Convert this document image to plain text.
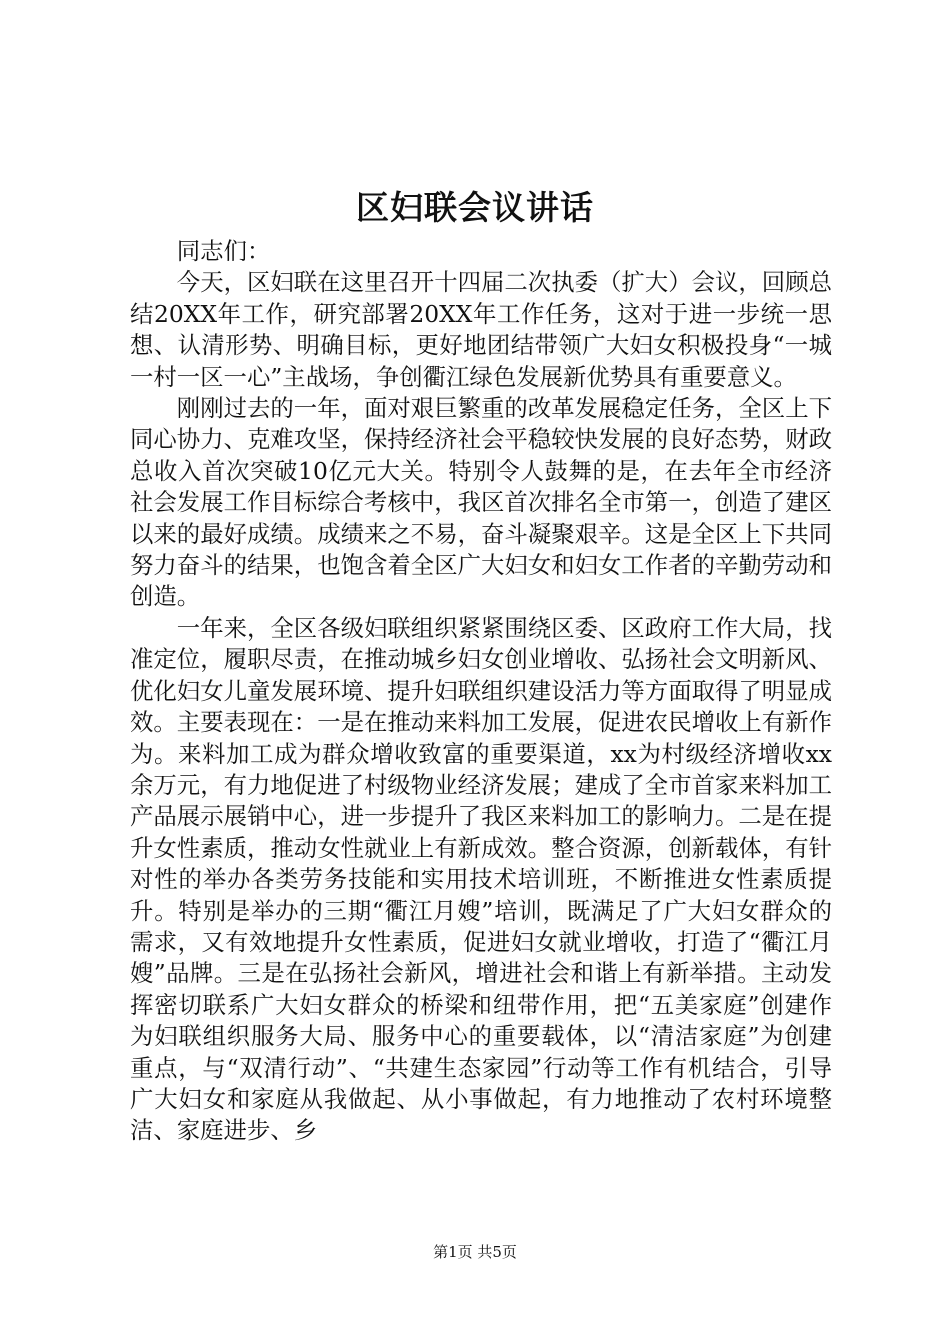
区妇联会议讲话

同志们：

今天，区妇联在这里召开十四届二次执委（扩大）会议，回顾总结20XX年工作，研究部署20XX年工作任务，这对于进一步统一思想、认清形势、明确目标，更好地团结带领广大妇女积极投身“一城一村一区一心”主战场，争创衢江绿色发展新优势具有重要意义。

刚刚过去的一年，面对艰巨繁重的改革发展稳定任务，全区上下同心协力、克难攻坚，保持经济社会平稳较快发展的良好态势，财政总收入首次突破10亿元大关。特别令人鼓舞的是，在去年全市经济社会发展工作目标综合考核中，我区首次排名全市第一，创造了建区以来的最好成绩。成绩来之不易，奋斗凝聚艰辛。这是全区上下共同努力奋斗的结果，也饱含着全区广大妇女和妇女工作者的辛勤劳动和创造。

一年来，全区各级妇联组织紧紧围绕区委、区政府工作大局，找准定位，履职尽责，在推动城乡妇女创业增收、弘扬社会文明新风、优化妇女儿童发展环境、提升妇联组织建设活力等方面取得了明显成效。主要表现在：一是在推动来料加工发展，促进农民增收上有新作为。来料加工成为群众增收致富的重要渠道，xx为村级经济增收xx余万元，有力地促进了村级物业经济发展；建成了全市首家来料加工产品展示展销中心，进一步提升了我区来料加工的影响力。二是在提升女性素质，推动女性就业上有新成效。整合资源，创新载体，有针对性的举办各类劳务技能和实用技术培训班，不断推进女性素质提升。特别是举办的三期“衢江月嫂”培训，既满足了广大妇女群众的需求，又有效地提升女性素质，促进妇女就业增收，打造了“衢江月嫂”品牌。三是在弘扬社会新风，增进社会和谐上有新举措。主动发挥密切联系广大妇女群众的桥梁和纽带作用，把“五美家庭”创建作为妇联组织服务大局、服务中心的重要载体，以“清洁家庭”为创建重点，与“双清行动”、“共建生态家园”行动等工作有机结合，引导广大妇女和家庭从我做起、从小事做起，有力地推动了农村环境整洁、家庭进步、乡

第1页 共5页
